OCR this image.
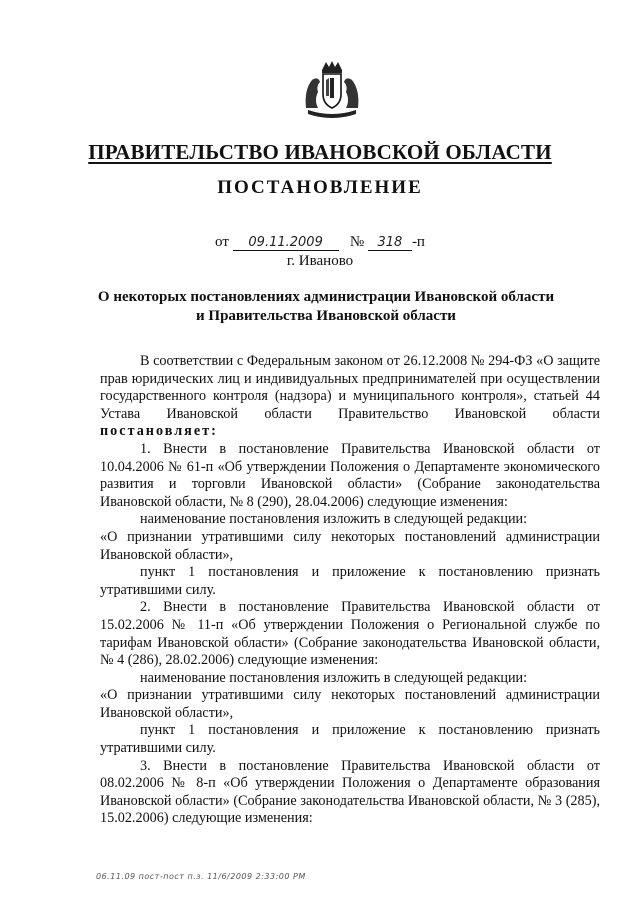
ПРАВИТЕЛЬСТВО ИВАНОВСКОЙ ОБЛАСТИ
ПОСТАНОВЛЕНИЕ
от 09.11.2009 № 318 -п
г. Иваново
О некоторых постановлениях администрации Ивановской области и Правительства Ивановской области

В соответствии с Федеральным законом от 26.12.2008 № 294-ФЗ «О защите прав юридических лиц и индивидуальных предпринимателей при осуществлении государственного контроля (надзора) и муниципального контроля», статьей 44 Устава Ивановской области Правительство Ивановской области постановляет:

1. Внести в постановление Правительства Ивановской области от 10.04.2006 № 61-п «Об утверждении Положения о Департаменте экономического развития и торговли Ивановской области» (Собрание законодательства Ивановской области, № 8 (290), 28.04.2006) следующие изменения:

наименование постановления изложить в следующей редакции:

«О признании утратившими силу некоторых постановлений администрации Ивановской области»,

пункт 1 постановления и приложение к постановлению признать утратившими силу.

2. Внести в постановление Правительства Ивановской области от 15.02.2006 № 11-п «Об утверждении Положения о Региональной службе по тарифам Ивановской области» (Собрание законодательства Ивановской области, № 4 (286), 28.02.2006) следующие изменения:

наименование постановления изложить в следующей редакции:

«О признании утратившими силу некоторых постановлений администрации Ивановской области»,

пункт 1 постановления и приложение к постановлению признать утратившими силу.

3. Внести в постановление Правительства Ивановской области от 08.02.2006 № 8-п «Об утверждении Положения о Департаменте образования Ивановской области» (Собрание законодательства Ивановской области, № 3 (285), 15.02.2006) следующие изменения:

06.11.09 пост-пост п.з. 11/6/2009 2:33:00 PM
